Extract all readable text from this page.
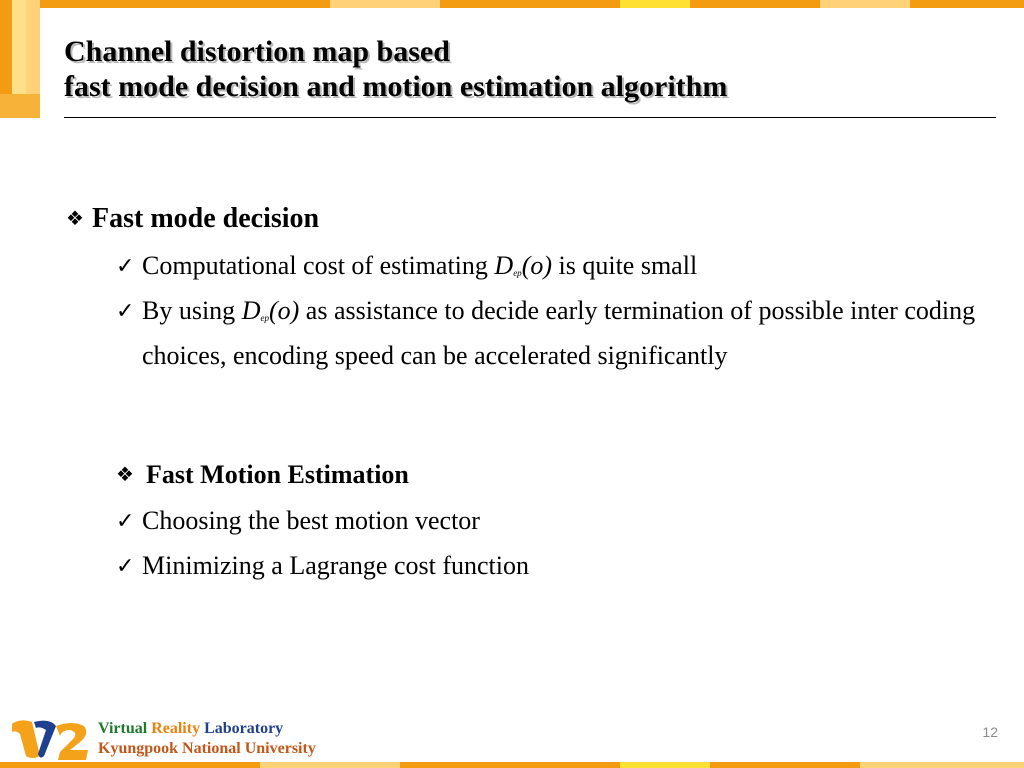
Channel distortion map based
fast mode decision and motion estimation algorithm
❖ Fast mode decision
✓ Computational cost of estimating $D_{ep}(o)$ is quite small
✓ By using $D_{ep}(o)$ as assistance to decide early termination of possible inter coding choices, encoding speed can be accelerated significantly
❖ Fast Motion Estimation
✓ Choosing the best motion vector
✓ Minimizing a Lagrange cost function
Virtual Reality Laboratory
Kyungpook National University
12
